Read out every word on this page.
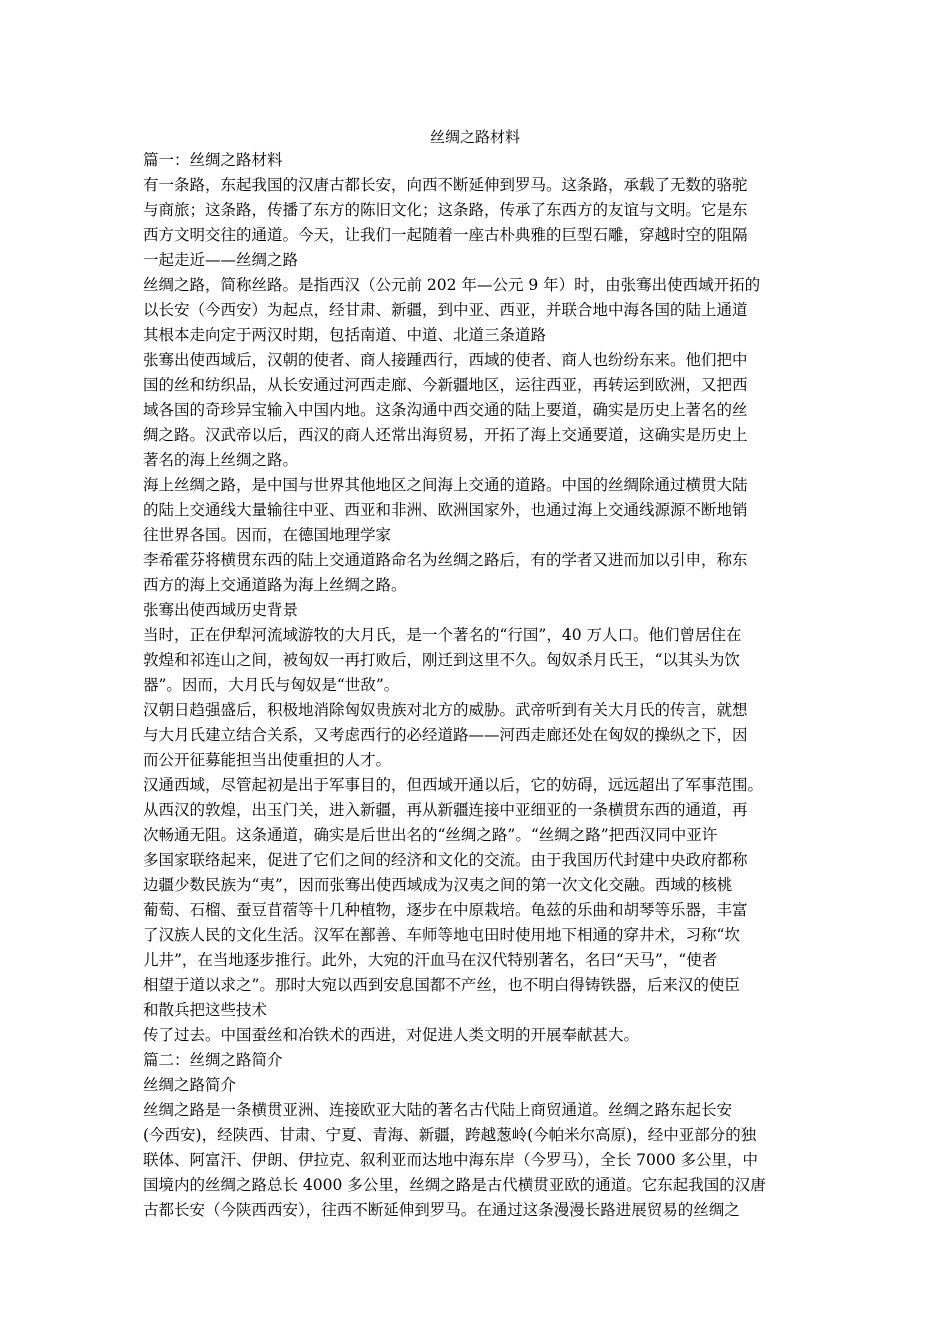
丝绸之路材料
篇一：丝绸之路材料
有一条路，东起我国的汉唐古都长安，向西不断延伸到罗马。这条路，承载了无数的骆驼
与商旅；这条路，传播了东方的陈旧文化；这条路，传承了东西方的友谊与文明。它是东
西方文明交往的通道。今天，让我们一起随着一座古朴典雅的巨型石雕，穿越时空的阻隔
一起走近——丝绸之路
丝绸之路，简称丝路。是指西汉（公元前 202 年—公元 9 年）时，由张骞出使西域开拓的
以长安（今西安）为起点，经甘肃、新疆，到中亚、西亚，并联合地中海各国的陆上通道
其根本走向定于两汉时期，包括南道、中道、北道三条道路
张骞出使西域后，汉朝的使者、商人接踵西行，西域的使者、商人也纷纷东来。他们把中
国的丝和纺织品，从长安通过河西走廊、今新疆地区，运往西亚，再转运到欧洲，又把西
域各国的奇珍异宝输入中国内地。这条沟通中西交通的陆上要道，确实是历史上著名的丝
绸之路。汉武帝以后，西汉的商人还常出海贸易，开拓了海上交通要道，这确实是历史上
著名的海上丝绸之路。
海上丝绸之路，是中国与世界其他地区之间海上交通的道路。中国的丝绸除通过横贯大陆
的陆上交通线大量输往中亚、西亚和非洲、欧洲国家外，也通过海上交通线源源不断地销
往世界各国。因而，在德国地理学家
李希霍芬将横贯东西的陆上交通道路命名为丝绸之路后，有的学者又进而加以引申，称东
西方的海上交通道路为海上丝绸之路。
张骞出使西域历史背景
当时，正在伊犁河流域游牧的大月氏，是一个著名的“行国”，40 万人口。他们曾居住在
敦煌和祁连山之间，被匈奴一再打败后，刚迁到这里不久。匈奴杀月氏王，“以其头为饮
器”。因而，大月氏与匈奴是“世敌”。
汉朝日趋强盛后，积极地消除匈奴贵族对北方的威胁。武帝听到有关大月氏的传言，就想
与大月氏建立结合关系，又考虑西行的必经道路——河西走廊还处在匈奴的操纵之下，因
而公开征募能担当出使重担的人才。
汉通西域，尽管起初是出于军事目的，但西域开通以后，它的妨碍，远远超出了军事范围。
从西汉的敦煌，出玉门关，进入新疆，再从新疆连接中亚细亚的一条横贯东西的通道，再
次畅通无阻。这条通道，确实是后世出名的“丝绸之路”。“丝绸之路”把西汉同中亚许
多国家联络起来，促进了它们之间的经济和文化的交流。由于我国历代封建中央政府都称
边疆少数民族为“夷”，因而张骞出使西域成为汉夷之间的第一次文化交融。西域的核桃
葡萄、石榴、蚕豆苜蓿等十几种植物，逐步在中原栽培。龟兹的乐曲和胡琴等乐器，丰富
了汉族人民的文化生活。汉军在鄯善、车师等地屯田时使用地下相通的穿井术，习称“坎
儿井”，在当地逐步推行。此外，大宛的汗血马在汉代特别著名，名曰“天马”，“使者
相望于道以求之”。那时大宛以西到安息国都不产丝，也不明白得铸铁器，后来汉的使臣
和散兵把这些技术
传了过去。中国蚕丝和冶铁术的西进，对促进人类文明的开展奉献甚大。
篇二：丝绸之路简介
丝绸之路简介
丝绸之路是一条横贯亚洲、连接欧亚大陆的著名古代陆上商贸通道。丝绸之路东起长安
(今西安)，经陕西、甘肃、宁夏、青海、新疆，跨越葱岭(今帕米尔高原)，经中亚部分的独
联体、阿富汗、伊朗、伊拉克、叙利亚而达地中海东岸（今罗马），全长 7000 多公里，中
国境内的丝绸之路总长 4000 多公里，丝绸之路是古代横贯亚欧的通道。它东起我国的汉唐
古都长安（今陕西西安），往西不断延伸到罗马。在通过这条漫漫长路进展贸易的丝绸之
